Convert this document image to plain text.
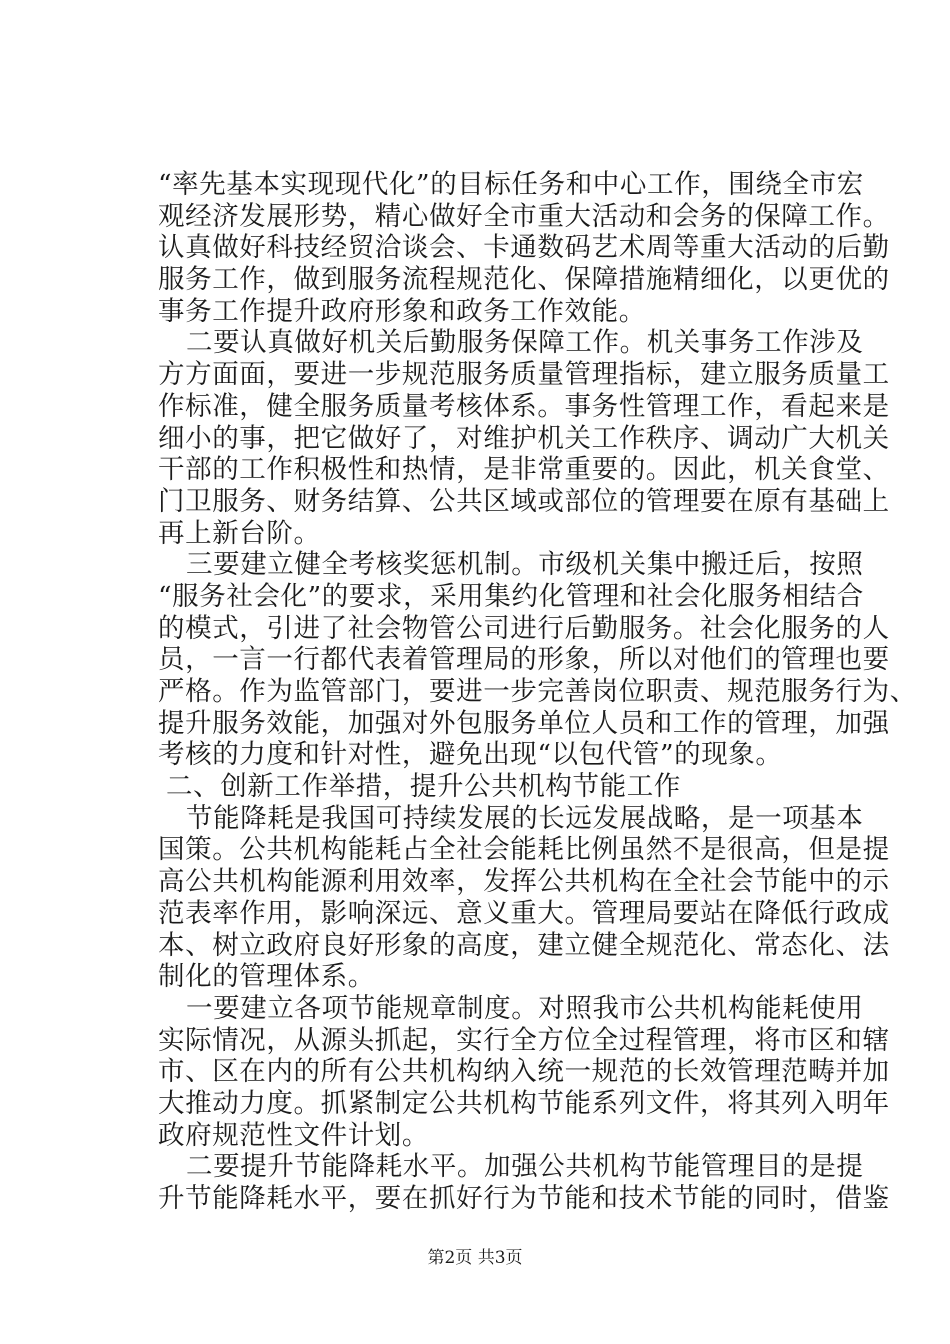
“率先基本实现现代化”的目标任务和中心工作，围绕全市宏
观经济发展形势，精心做好全市重大活动和会务的保障工作。
认真做好科技经贸洽谈会、卡通数码艺术周等重大活动的后勤
服务工作，做到服务流程规范化、保障措施精细化，以更优的
事务工作提升政府形象和政务工作效能。
二要认真做好机关后勤服务保障工作。机关事务工作涉及
方方面面，要进一步规范服务质量管理指标，建立服务质量工
作标准，健全服务质量考核体系。事务性管理工作，看起来是
细小的事，把它做好了，对维护机关工作秩序、调动广大机关
干部的工作积极性和热情，是非常重要的。因此，机关食堂、
门卫服务、财务结算、公共区域或部位的管理要在原有基础上
再上新台阶。
三要建立健全考核奖惩机制。市级机关集中搬迁后，按照
“服务社会化”的要求，采用集约化管理和社会化服务相结合
的模式，引进了社会物管公司进行后勤服务。社会化服务的人
员，一言一行都代表着管理局的形象，所以对他们的管理也要
严格。作为监管部门，要进一步完善岗位职责、规范服务行为、
提升服务效能，加强对外包服务单位人员和工作的管理，加强
考核的力度和针对性，避免出现“以包代管”的现象。
二、创新工作举措，提升公共机构节能工作
节能降耗是我国可持续发展的长远发展战略，是一项基本
国策。公共机构能耗占全社会能耗比例虽然不是很高，但是提
高公共机构能源利用效率，发挥公共机构在全社会节能中的示
范表率作用，影响深远、意义重大。管理局要站在降低行政成
本、树立政府良好形象的高度，建立健全规范化、常态化、法
制化的管理体系。
一要建立各项节能规章制度。对照我市公共机构能耗使用
实际情况，从源头抓起，实行全方位全过程管理，将市区和辖
市、区在内的所有公共机构纳入统一规范的长效管理范畴并加
大推动力度。抓紧制定公共机构节能系列文件，将其列入明年
政府规范性文件计划。
二要提升节能降耗水平。加强公共机构节能管理目的是提
升节能降耗水平，要在抓好行为节能和技术节能的同时，借鉴
第2页 共3页
